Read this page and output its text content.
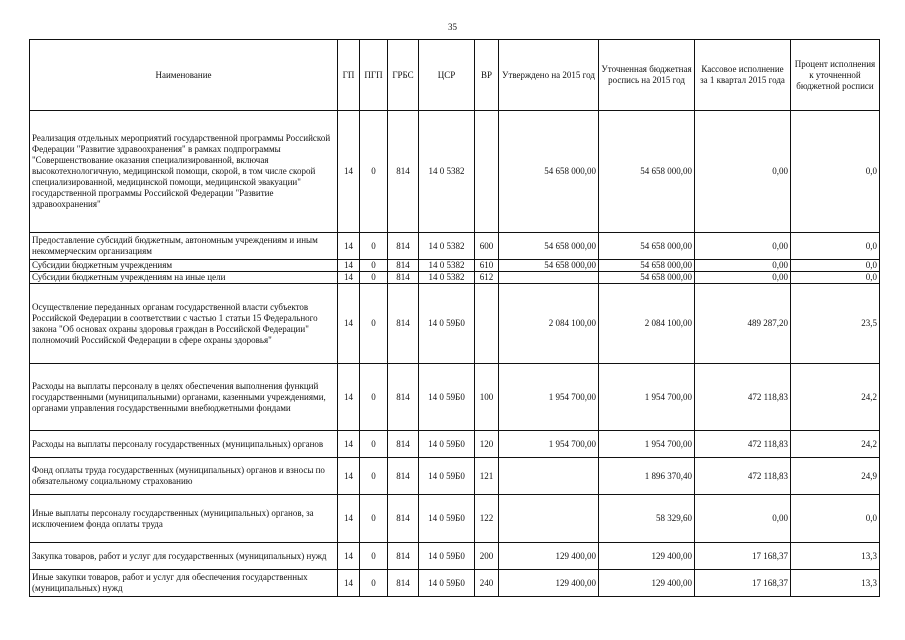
35
Наименование	ГП	ПГП	ГРБС	ЦСР	ВР	Утверждено на 2015 год	Уточненная бюджетная роспись на 2015 год	Кассовое исполнение за 1 квартал 2015 года	Процент исполнения к уточненной бюджетной росписи
Реализация отдельных мероприятий государственной программы Российской Федерации "Развитие здравоохранения" в рамках подпрограммы "Совершенствование оказания специализированной, включая высокотехнологичную, медицинской помощи, скорой, в том числе скорой специализированной, медицинской помощи, медицинской эвакуации" государственной программы Российской Федерации "Развитие здравоохранения"	14	0	814	14 0 5382		54 658 000,00	54 658 000,00	0,00	0,0
Предоставление субсидий бюджетным, автономным учреждениям и иным некоммерческим организациям	14	0	814	14 0 5382	600	54 658 000,00	54 658 000,00	0,00	0,0
Субсидии бюджетным учреждениям	14	0	814	14 0 5382	610	54 658 000,00	54 658 000,00	0,00	0,0
Субсидии бюджетным учреждениям на иные цели	14	0	814	14 0 5382	612		54 658 000,00	0,00	0,0
Осуществление переданных органам государственной власти субъектов Российской Федерации в соответствии с частью 1 статьи 15 Федерального закона "Об основах охраны здоровья граждан в Российской Федерации" полномочий Российской Федерации в сфере охраны здоровья"	14	0	814	14 0 59Б0		2 084 100,00	2 084 100,00	489 287,20	23,5
Расходы на выплаты персоналу в целях обеспечения выполнения функций государственными (муниципальными) органами, казенными учреждениями, органами управления государственными внебюджетными фондами	14	0	814	14 0 59Б0	100	1 954 700,00	1 954 700,00	472 118,83	24,2
Расходы на выплаты персоналу государственных (муниципальных) органов	14	0	814	14 0 59Б0	120	1 954 700,00	1 954 700,00	472 118,83	24,2
Фонд оплаты труда государственных (муниципальных) органов и взносы по обязательному социальному страхованию	14	0	814	14 0 59Б0	121		1 896 370,40	472 118,83	24,9
Иные выплаты персоналу государственных (муниципальных) органов, за исключением фонда оплаты труда	14	0	814	14 0 59Б0	122		58 329,60	0,00	0,0
Закупка товаров, работ и услуг для государственных (муниципальных) нужд	14	0	814	14 0 59Б0	200	129 400,00	129 400,00	17 168,37	13,3
Иные закупки товаров, работ и услуг для обеспечения государственных (муниципальных) нужд	14	0	814	14 0 59Б0	240	129 400,00	129 400,00	17 168,37	13,3
